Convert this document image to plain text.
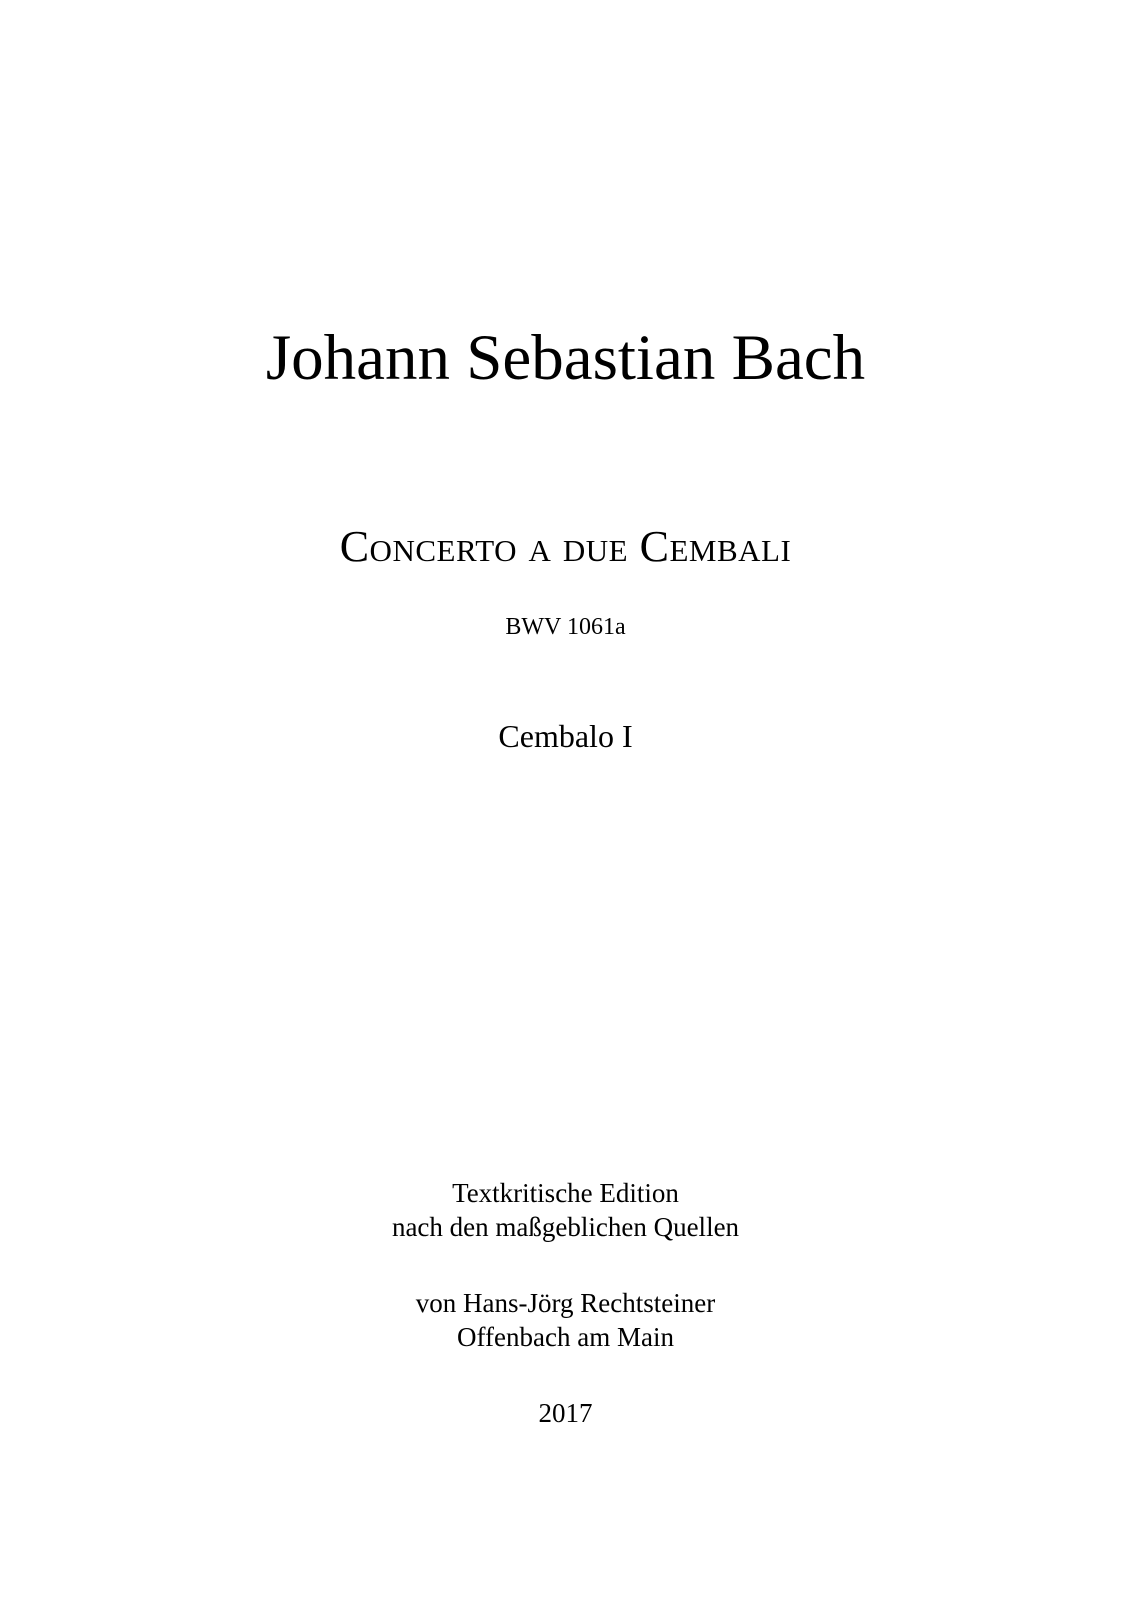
Johann Sebastian Bach
Concerto a due Cembali
BWV 1061a
Cembalo I
Textkritische Edition
nach den maßgeblichen Quellen
von Hans-Jörg Rechtsteiner
Offenbach am Main
2017
